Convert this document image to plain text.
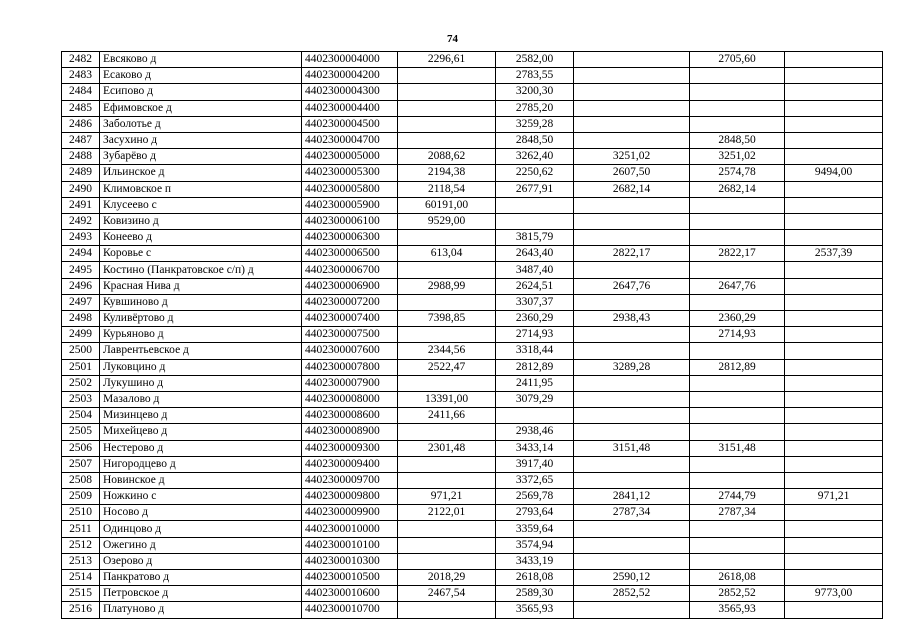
74
2482	Евсяково д	4402300004000	2296,61	2582,00		2705,60	
2483	Есаково д	4402300004200		2783,55			
2484	Есипово д	4402300004300		3200,30			
2485	Ефимовское д	4402300004400		2785,20			
2486	Заболотье д	4402300004500		3259,28			
2487	Засухино д	4402300004700		2848,50		2848,50	
2488	Зубарёво д	4402300005000	2088,62	3262,40	3251,02	3251,02	
2489	Ильинское д	4402300005300	2194,38	2250,62	2607,50	2574,78	9494,00
2490	Климовское п	4402300005800	2118,54	2677,91	2682,14	2682,14	
2491	Клусеево с	4402300005900	60191,00				
2492	Ковизино д	4402300006100	9529,00				
2493	Конеево д	4402300006300		3815,79			
2494	Коровье с	4402300006500	613,04	2643,40	2822,17	2822,17	2537,39
2495	Костино (Панкратовское с/п) д	4402300006700		3487,40			
2496	Красная Нива д	4402300006900	2988,99	2624,51	2647,76	2647,76	
2497	Кувшиново д	4402300007200		3307,37			
2498	Куливёртово д	4402300007400	7398,85	2360,29	2938,43	2360,29	
2499	Курьяново д	4402300007500		2714,93		2714,93	
2500	Лаврентьевское д	4402300007600	2344,56	3318,44			
2501	Луковцино д	4402300007800	2522,47	2812,89	3289,28	2812,89	
2502	Лукушино д	4402300007900		2411,95			
2503	Мазалово д	4402300008000	13391,00	3079,29			
2504	Мизинцево д	4402300008600	2411,66				
2505	Михейцево д	4402300008900		2938,46			
2506	Нестерово д	4402300009300	2301,48	3433,14	3151,48	3151,48	
2507	Нигородцево д	4402300009400		3917,40			
2508	Новинское д	4402300009700		3372,65			
2509	Ножкино с	4402300009800	971,21	2569,78	2841,12	2744,79	971,21
2510	Носово д	4402300009900	2122,01	2793,64	2787,34	2787,34	
2511	Одинцово д	4402300010000		3359,64			
2512	Ожегино д	4402300010100		3574,94			
2513	Озерово д	4402300010300		3433,19			
2514	Панкратово д	4402300010500	2018,29	2618,08	2590,12	2618,08	
2515	Петровское д	4402300010600	2467,54	2589,30	2852,52	2852,52	9773,00
2516	Платуново д	4402300010700		3565,93		3565,93	
